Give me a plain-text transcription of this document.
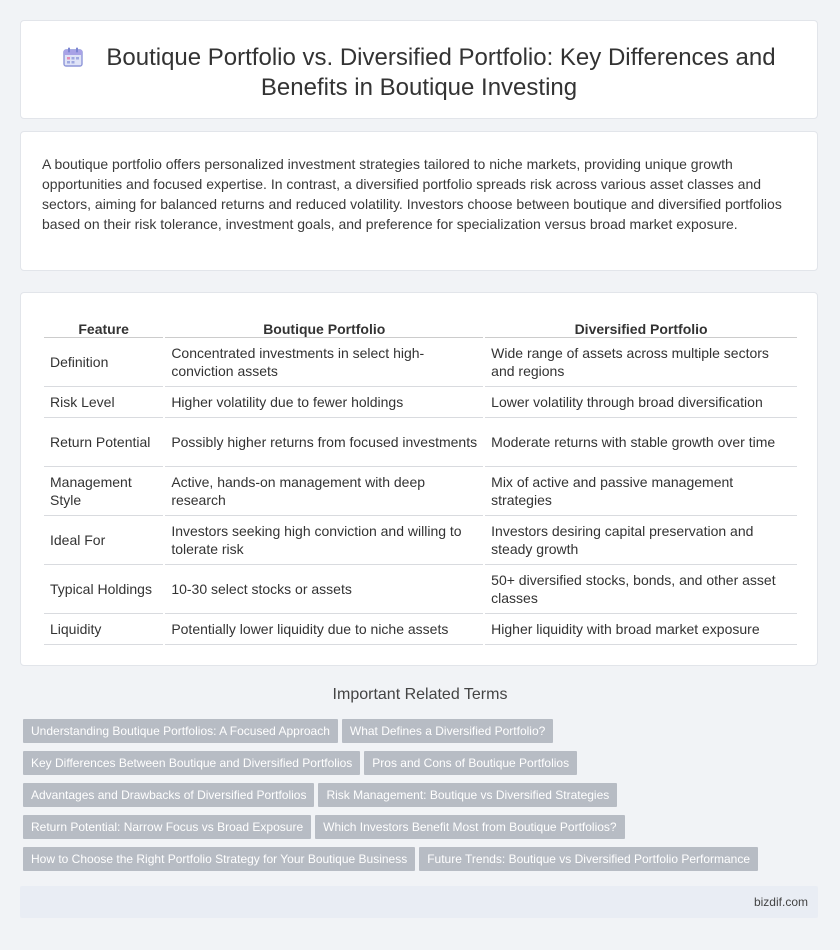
Boutique Portfolio vs. Diversified Portfolio: Key Differences and
Benefits in Boutique Investing

A boutique portfolio offers personalized investment strategies tailored to niche markets, providing unique growth opportunities and focused expertise. In contrast, a diversified portfolio spreads risk across various asset classes and sectors, aiming for balanced returns and reduced volatility. Investors choose between boutique and diversified portfolios based on their risk tolerance, investment goals, and preference for specialization versus broad market exposure.

Feature	Boutique Portfolio	Diversified Portfolio
Definition	Concentrated investments in select high-conviction assets	Wide range of assets across multiple sectors and regions
Risk Level	Higher volatility due to fewer holdings	Lower volatility through broad diversification
Return Potential	Possibly higher returns from focused investments	Moderate returns with stable growth over time
Management Style	Active, hands-on management with deep research	Mix of active and passive management strategies
Ideal For	Investors seeking high conviction and willing to tolerate risk	Investors desiring capital preservation and steady growth
Typical Holdings	10-30 select stocks or assets	50+ diversified stocks, bonds, and other asset classes
Liquidity	Potentially lower liquidity due to niche assets	Higher liquidity with broad market exposure
Important Related Terms
Understanding Boutique Portfolios: A Focused Approach What Defines a Diversified Portfolio?
Key Differences Between Boutique and Diversified Portfolios Pros and Cons of Boutique Portfolios
Advantages and Drawbacks of Diversified Portfolios Risk Management: Boutique vs Diversified Strategies
Return Potential: Narrow Focus vs Broad Exposure Which Investors Benefit Most from Boutique Portfolios?
How to Choose the Right Portfolio Strategy for Your Boutique Business Future Trends: Boutique vs Diversified Portfolio Performance
bizdif.com
